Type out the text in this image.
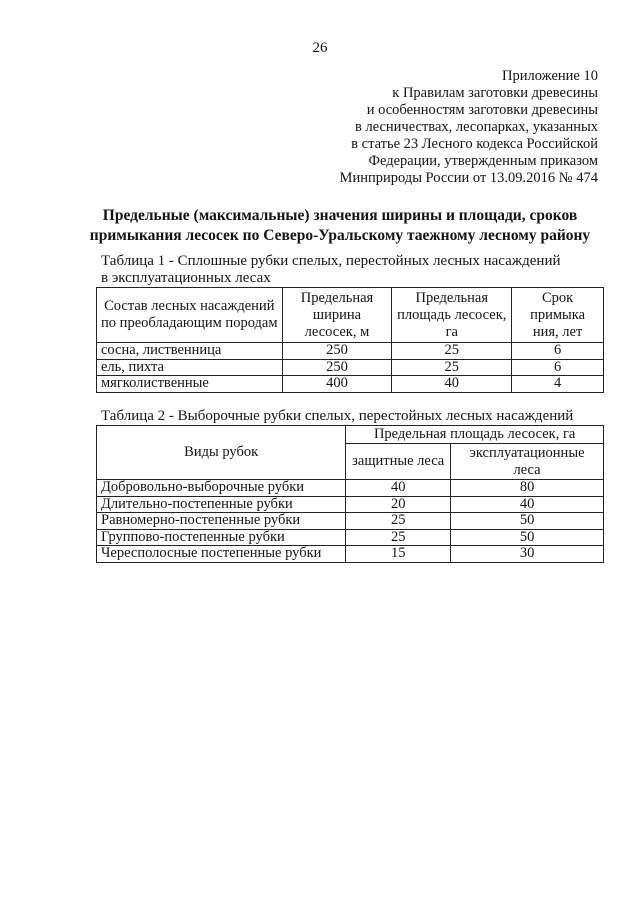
26
Приложение 10
к Правилам заготовки древесины
и особенностям заготовки древесины
в лесничествах, лесопарках, указанных
в статье 23 Лесного кодекса Российской
Федерации, утвержденным приказом
Минприроды России от 13.09.2016 № 474
Предельные (максимальные) значения ширины и площади, сроков
примыкания лесосек по Северо-Уральскому таежному лесному району
Таблица 1 - Сплошные рубки спелых, перестойных лесных насаждений
в эксплуатационных лесах
Состав лесных насаждений по преобладающим породам	Предельная ширина лесосек, м	Предельная площадь лесосек, га	Срок примыка ния, лет
сосна, лиственница	250	25	6
ель, пихта	250	25	6
мягколиственные	400	40	4
Таблица 2 - Выборочные рубки спелых, перестойных лесных насаждений
Виды рубок	Предельная площадь лесосек, га	
	защитные леса	эксплуатационные леса
Добровольно-выборочные рубки	40	80
Длительно-постепенные рубки	20	40
Равномерно-постепенные рубки	25	50
Группово-постепенные рубки	25	50
Чересполосные постепенные рубки	15	30
